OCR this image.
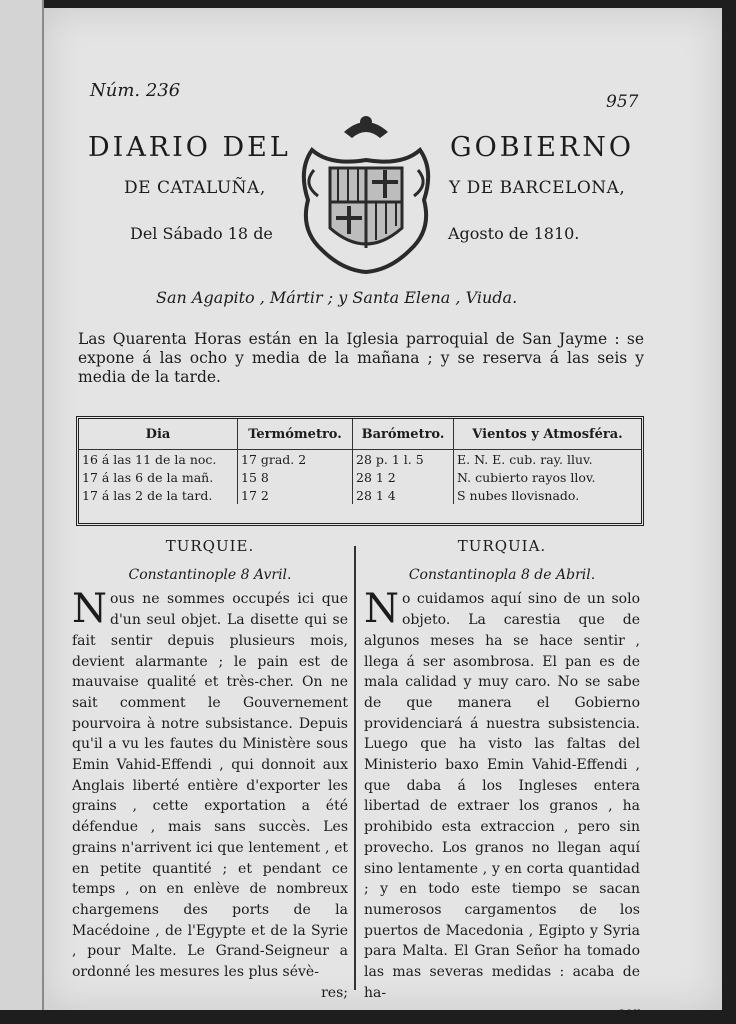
Núm. 236
957
DIARIO DEL	GOBIERNO
DE CATALUÑA,	Y DE BARCELONA,
Del Sábado 18 de	Agosto de 1810.
San Agapito , Mártir ; y Santa Elena , Viuda.
Las Quarenta Horas están en la Iglesia parroquial de San Jayme : se expone á las ocho y media de la mañana ; y se reserva á las seis y media de la tarde.
Dia	Termómetro.	Barómetro.	Vientos y Atmosféra.
16 á las 11 de la noc.	17 grad. 2	28 p. 1 l. 5	E. N. E. cub. ray. lluv.
17 á las 6 de la mañ.	15 8	28 1 2	N. cubierto rayos llov.
17 á las 2 de la tard.	17 2	28 1 4	S nubes llovisnado.
TURQUIE.
Constantinople 8 Avril.

Nous ne sommes occupés ici que d'un seul objet. La disette qui se fait sentir depuis plusieurs mois, devient alarmante ; le pain est de mauvaise qualité et très-cher. On ne sait comment le Gouvernement pourvoira à notre subsistance. Depuis qu'il a vu les fautes du Ministère sous Emin Vahid-Effendi , qui donnoit aux Anglais liberté entière d'exporter les grains , cette exportation a été défendue , mais sans succès. Les grains n'arrivent ici que lentement , et en petite quantité ; et pendant ce temps , on en enlève de nombreux chargemens des ports de la Macédoine , de l'Egypte et de la Syrie , pour Malte. Le Grand-Seigneur a ordonné les mesures les plus sévè-

res;
TURQUIA.
Constantinopla 8 de Abril.

No cuidamos aquí sino de un solo objeto. La carestia que de algunos meses ha se hace sentir , llega á ser asombrosa. El pan es de mala calidad y muy caro. No se sabe de que manera el Gobierno providenciará á nuestra subsistencia. Luego que ha visto las faltas del Ministerio baxo Emin Vahid-Effendi , que daba á los Ingleses entera libertad de extraer los granos , ha prohibido esta extraccion , pero sin provecho. Los granos no llegan aquí sino lentamente , y en corta quantidad ; y en todo este tiempo se sacan numerosos cargamentos de los puertos de Macedonia , Egipto y Syria para Malta. El Gran Señor ha tomado las mas severas medidas : acaba de ha-

cer
